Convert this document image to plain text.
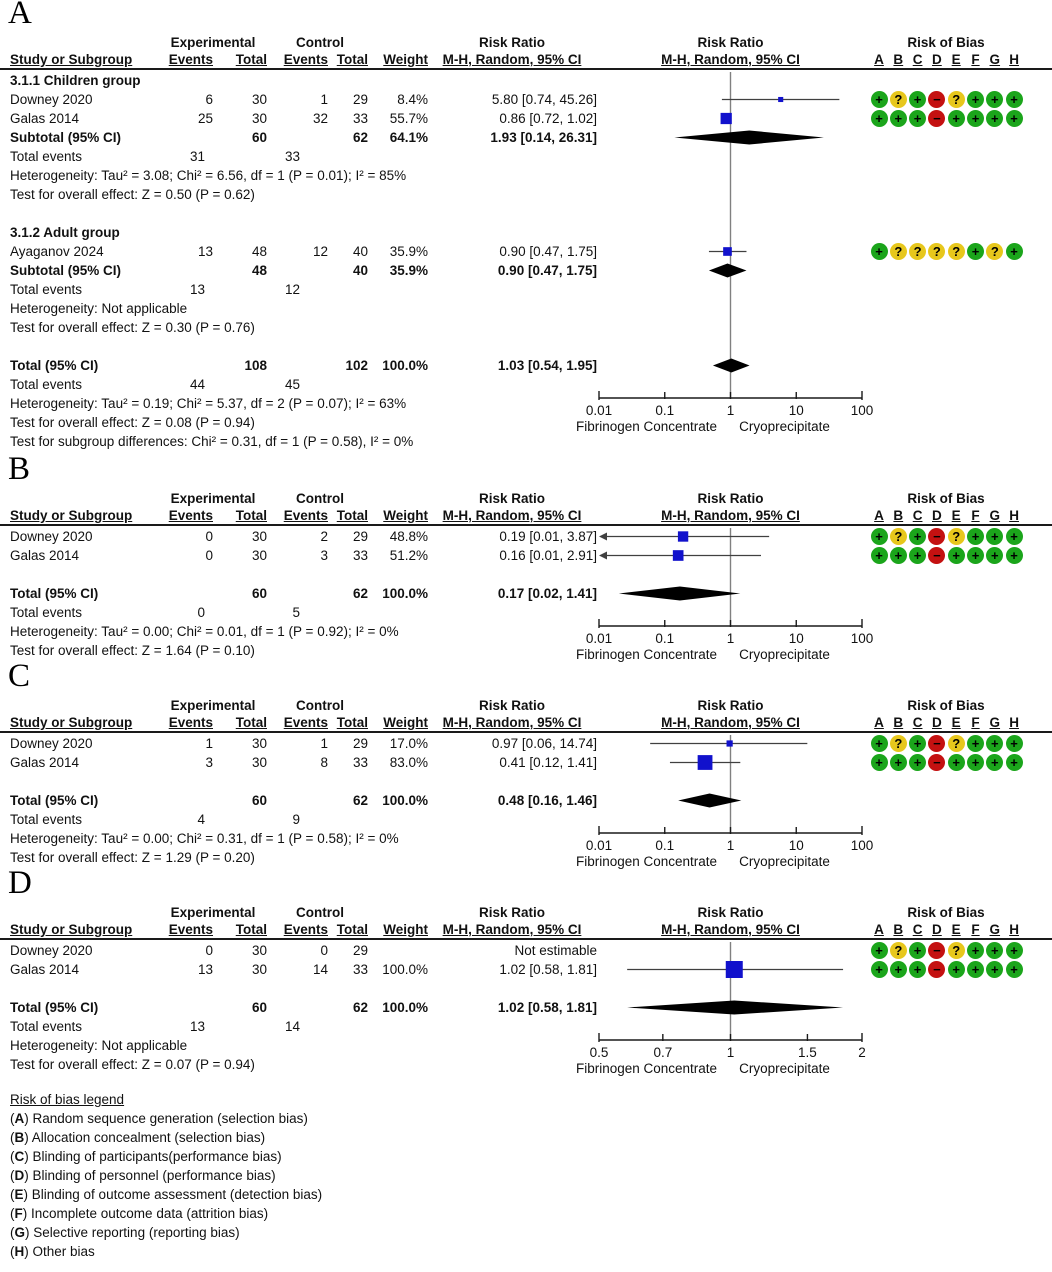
A
Experimental	Control	Risk Ratio	Risk Ratio	Risk of Bias
Study or Subgroup	Events	Total	Events Total	Weight	M-H, Random, 95% CI	M-H, Random, 95% CI	A B C D E F G H
3.1.1 Children group
Downey 2020	6	30	1	29	8.4%	5.80 [0.74, 45.26]	+ ? + − ? + + +
Galas 2014	25	30	32	33	55.7%	0.86 [0.72, 1.02]	+ + + − + + + +
Subtotal (95% CI)	60	62	64.1%	1.93 [0.14, 26.31]
Total events	31	33
Heterogeneity: Tau² = 3.08; Chi² = 6.56, df = 1 (P = 0.01); I² = 85%
Test for overall effect: Z = 0.50 (P = 0.62)
3.1.2 Adult group
Ayaganov 2024	13	48	12	40	35.9%	0.90 [0.47, 1.75]	+ ? ? ? ? + ? +
Subtotal (95% CI)	48	40	35.9%	0.90 [0.47, 1.75]
Total events	13	12
Heterogeneity: Not applicable
Test for overall effect: Z = 0.30 (P = 0.76)
Total (95% CI)	108	102	100.0%	1.03 [0.54, 1.95]
Total events	44	45
Heterogeneity: Tau² = 0.19; Chi² = 5.37, df = 2 (P = 0.07); I² = 63%
Test for overall effect: Z = 0.08 (P = 0.94)
Test for subgroup differences: Chi² = 0.31, df = 1 (P = 0.58), I² = 0%
0.01	0.1	1	10	100
Fibrinogen Concentrate Cryoprecipitate
B
Experimental	Control	Risk Ratio	Risk Ratio	Risk of Bias
Study or Subgroup	Events	Total	Events Total	Weight	M-H, Random, 95% CI	M-H, Random, 95% CI	A B C D E F G H
Downey 2020	0	30	2	29	48.8%	0.19 [0.01, 3.87]	+ ? + − ? + + +
Galas 2014	0	30	3	33	51.2%	0.16 [0.01, 2.91]	+ + + − + + + +
Total (95% CI)	60	62	100.0%	0.17 [0.02, 1.41]
Total events	0	5
Heterogeneity: Tau² = 0.00; Chi² = 0.01, df = 1 (P = 0.92); I² = 0%
Test for overall effect: Z = 1.64 (P = 0.10)
0.01	0.1	1	10	100
Fibrinogen Concentrate Cryoprecipitate
C
Experimental	Control	Risk Ratio	Risk Ratio	Risk of Bias
Study or Subgroup	Events	Total	Events Total	Weight	M-H, Random, 95% CI	M-H, Random, 95% CI	A B C D E F G H
Downey 2020	1	30	1	29	17.0%	0.97 [0.06, 14.74]	+ ? + − ? + + +
Galas 2014	3	30	8	33	83.0%	0.41 [0.12, 1.41]	+ + + − + + + +
Total (95% CI)	60	62	100.0%	0.48 [0.16, 1.46]
Total events	4	9
Heterogeneity: Tau² = 0.00; Chi² = 0.31, df = 1 (P = 0.58); I² = 0%
Test for overall effect: Z = 1.29 (P = 0.20)
0.01	0.1	1	10	100
Fibrinogen Concentrate Cryoprecipitate
D
Experimental	Control	Risk Ratio	Risk Ratio	Risk of Bias
Study or Subgroup	Events	Total	Events Total	Weight	M-H, Random, 95% CI	M-H, Random, 95% CI	A B C D E F G H
Downey 2020	0	30	0	29	Not estimable	+ ? + − ? + + +
Galas 2014	13	30	14	33	100.0%	1.02 [0.58, 1.81]	+ + + − + + + +
Total (95% CI)	60	62	100.0%	1.02 [0.58, 1.81]
Total events	13	14
Heterogeneity: Not applicable
Test for overall effect: Z = 0.07 (P = 0.94)
0.5	0.7	1	1.5	2
Fibrinogen Concentrate Cryoprecipitate
Risk of bias legend
(A) Random sequence generation (selection bias)
(B) Allocation concealment (selection bias)
(C) Blinding of participants(performance bias)
(D) Blinding of personnel (performance bias)
(E) Blinding of outcome assessment (detection bias)
(F) Incomplete outcome data (attrition bias)
(G) Selective reporting (reporting bias)
(H) Other bias
